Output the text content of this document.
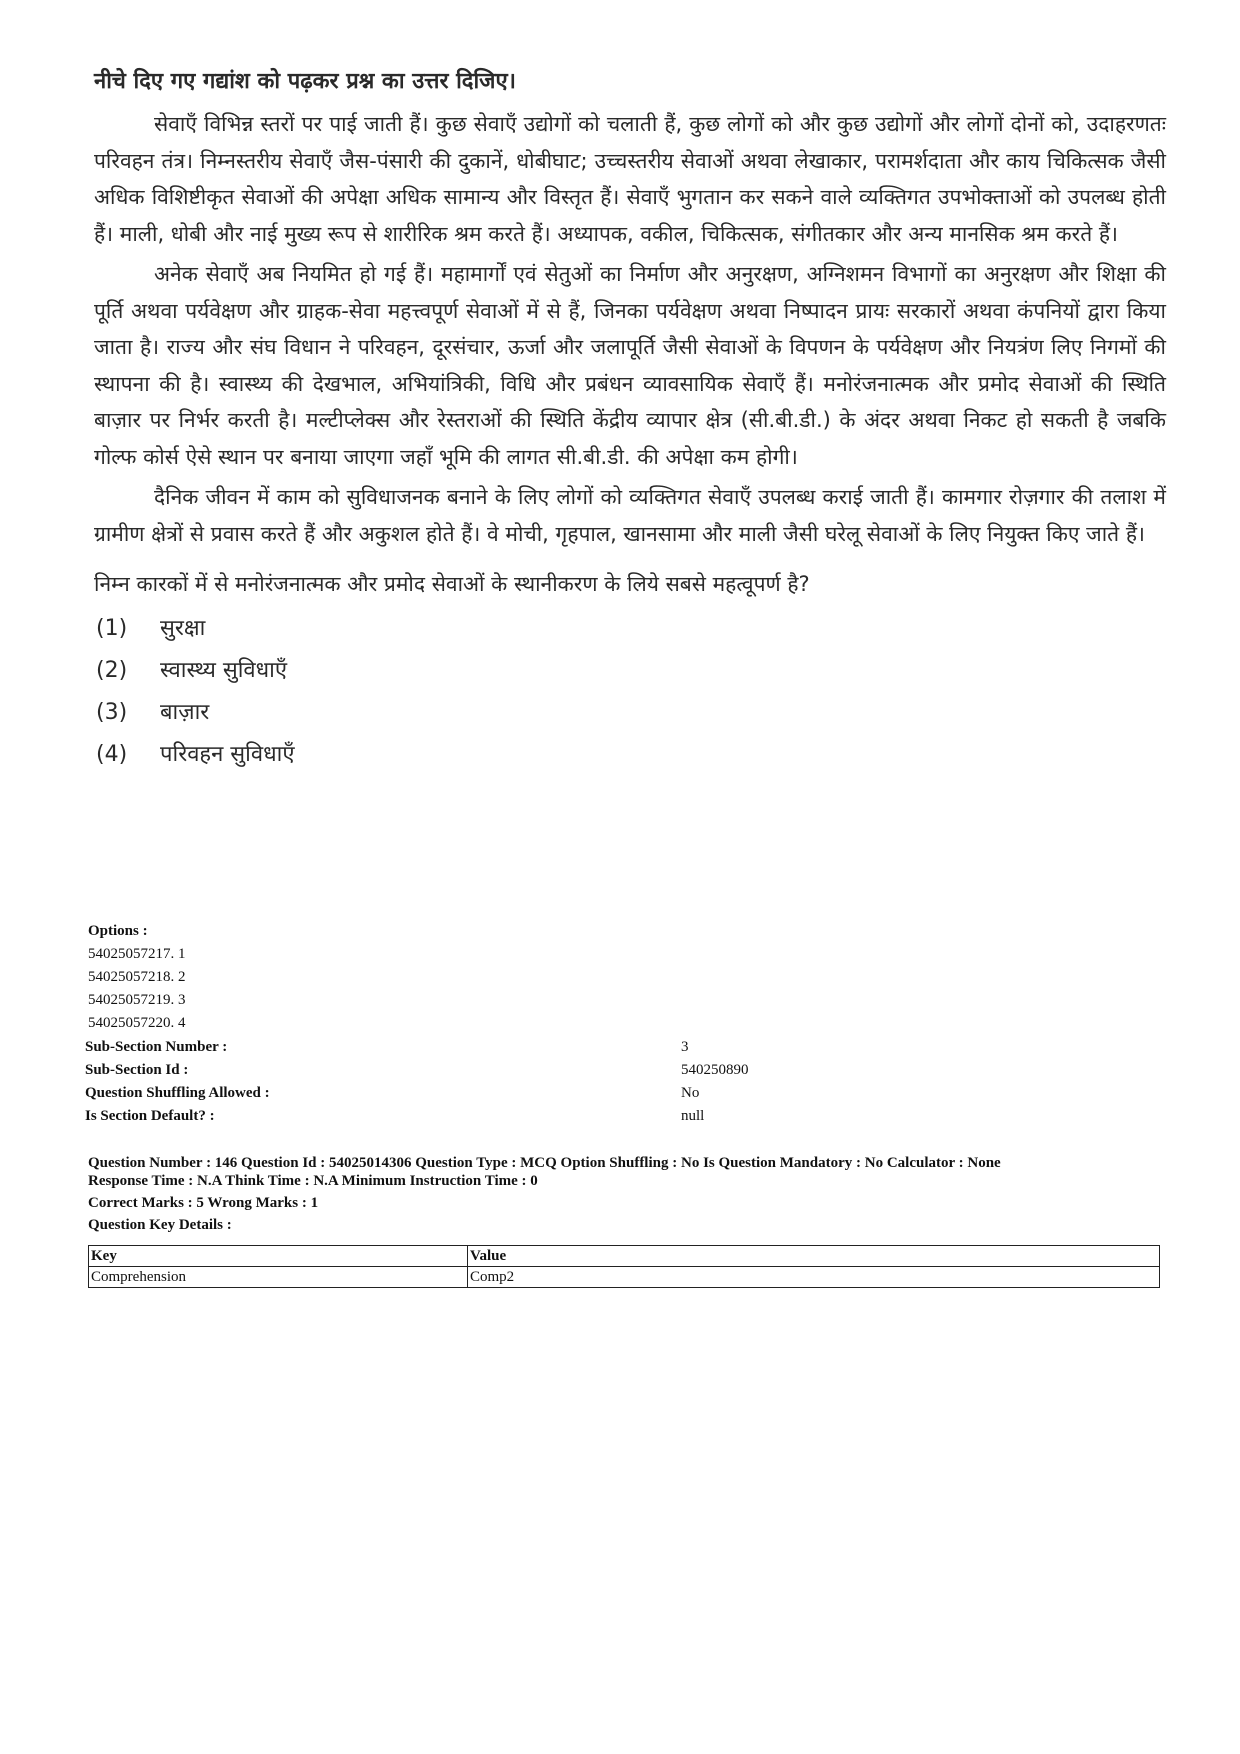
नीचे दिए गए गद्यांश को पढ़कर प्रश्न का उत्तर दिजिए।

सेवाएँ विभिन्न स्तरों पर पाई जाती हैं। कुछ सेवाएँ उद्योगों को चलाती हैं, कुछ लोगों को और कुछ उद्योगों और लोगों दोनों को, उदाहरणतः परिवहन तंत्र। निम्नस्तरीय सेवाएँ जैस-पंसारी की दुकानें, धोबीघाट; उच्चस्तरीय सेवाओं अथवा लेखाकार, परामर्शदाता और काय चिकित्सक जैसी अधिक विशिष्टीकृत सेवाओं की अपेक्षा अधिक सामान्य और विस्तृत हैं। सेवाएँ भुगतान कर सकने वाले व्यक्तिगत उपभोक्ताओं को उपलब्ध होती हैं। माली, धोबी और नाई मुख्य रूप से शारीरिक श्रम करते हैं। अध्यापक, वकील, चिकित्सक, संगीतकार और अन्य मानसिक श्रम करते हैं।

अनेक सेवाएँ अब नियमित हो गई हैं। महामार्गों एवं सेतुओं का निर्माण और अनुरक्षण, अग्निशमन विभागों का अनुरक्षण और शिक्षा की पूर्ति अथवा पर्यवेक्षण और ग्राहक-सेवा महत्त्वपूर्ण सेवाओं में से हैं, जिनका पर्यवेक्षण अथवा निष्पादन प्रायः सरकारों अथवा कंपनियों द्वारा किया जाता है। राज्य और संघ विधान ने परिवहन, दूरसंचार, ऊर्जा और जलापूर्ति जैसी सेवाओं के विपणन के पर्यवेक्षण और नियत्रंण लिए निगमों की स्थापना की है। स्वास्थ्य की देखभाल, अभियांत्रिकी, विधि और प्रबंधन व्यावसायिक सेवाएँ हैं। मनोरंजनात्मक और प्रमोद सेवाओं की स्थिति बाज़ार पर निर्भर करती है। मल्टीप्लेक्स और रेस्तराओं की स्थिति केंद्रीय व्यापार क्षेत्र (सी.बी.डी.) के अंदर अथवा निकट हो सकती है जबकि गोल्फ कोर्स ऐसे स्थान पर बनाया जाएगा जहाँ भूमि की लागत सी.बी.डी. की अपेक्षा कम होगी।

दैनिक जीवन में काम को सुविधाजनक बनाने के लिए लोगों को व्यक्तिगत सेवाएँ उपलब्ध कराई जाती हैं। कामगार रोज़गार की तलाश में ग्रामीण क्षेत्रों से प्रवास करते हैं और अकुशल होते हैं। वे मोची, गृहपाल, खानसामा और माली जैसी घरेलू सेवाओं के लिए नियुक्त किए जाते हैं।

निम्न कारकों में से मनोरंजनात्मक और प्रमोद सेवाओं के स्थानीकरण के लिये सबसे महत्वूपर्ण है?

(1)	सुरक्षा
(2)	स्वास्थ्य सुविधाएँ
(3)	बाज़ार
(4)	परिवहन सुविधाएँ
Options :
54025057217. 1
54025057218. 2
54025057219. 3
54025057220. 4
Sub-Section Number :	3
Sub-Section Id :	540250890
Question Shuffling Allowed :	No
Is Section Default? :	null

Question Number : 146 Question Id : 54025014306 Question Type : MCQ Option Shuffling : No Is Question Mandatory : No Calculator : None

Response Time : N.A Think Time : N.A Minimum Instruction Time : 0

Correct Marks : 5 Wrong Marks : 1

Question Key Details :

Key	Value
Comprehension	Comp2
